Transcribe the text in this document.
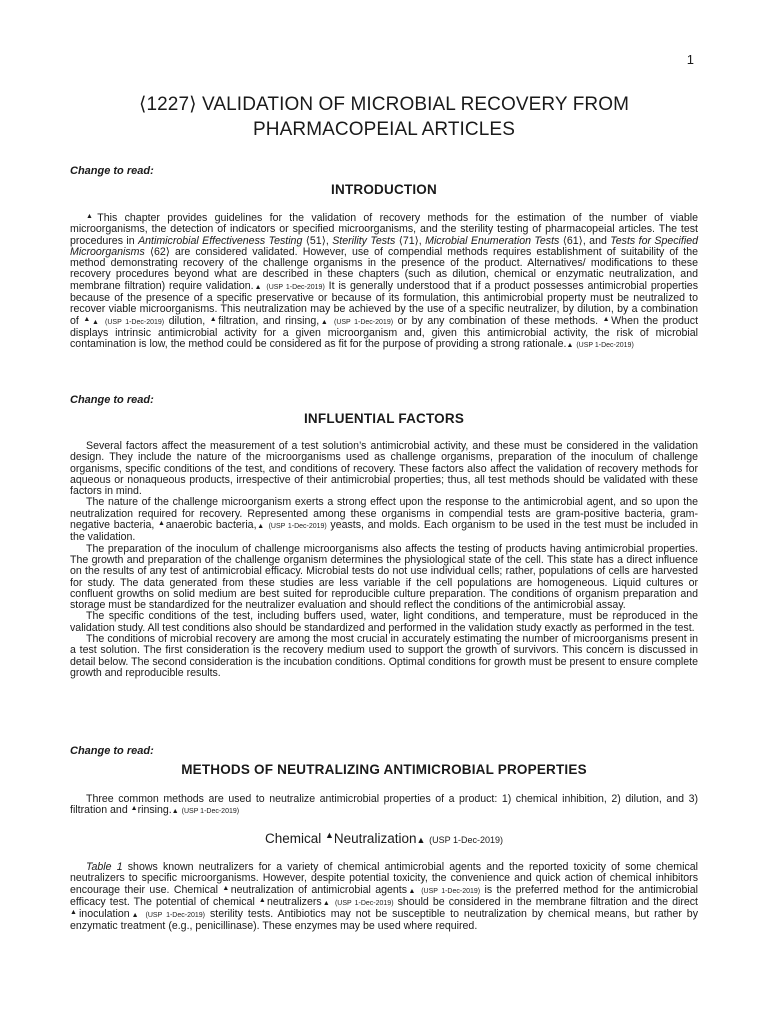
1
⟨1227⟩ VALIDATION OF MICROBIAL RECOVERY FROM PHARMACOPEIAL ARTICLES
Change to read:
INTRODUCTION

▲This chapter provides guidelines for the validation of recovery methods for the estimation of the number of viable microorganisms, the detection of indicators or specified microorganisms, and the sterility testing of pharmacopeial articles. The test procedures in Antimicrobial Effectiveness Testing ⟨51⟩, Sterility Tests ⟨71⟩, Microbial Enumeration Tests ⟨61⟩, and Tests for Specified Microorganisms ⟨62⟩ are considered validated. However, use of compendial methods requires establishment of suitability of the method demonstrating recovery of the challenge organisms in the presence of the product. Alternatives/ modifications to these recovery procedures beyond what are described in these chapters (such as dilution, chemical or enzymatic neutralization, and membrane filtration) require validation.▲ (USP 1-Dec-2019) It is generally understood that if a product possesses antimicrobial properties because of the presence of a specific preservative or because of its formulation, this antimicrobial property must be neutralized to recover viable microorganisms. This neutralization may be achieved by the use of a specific neutralizer, by dilution, by a combination of ▲▲ (USP 1-Dec-2019) dilution, ▲filtration, and rinsing,▲ (USP 1-Dec-2019) or by any combination of these methods. ▲When the product displays intrinsic antimicrobial activity for a given microorganism and, given this antimicrobial activity, the risk of microbial contamination is low, the method could be considered as fit for the purpose of providing a strong rationale.▲ (USP 1-Dec-2019)

Change to read:
INFLUENTIAL FACTORS

Several factors affect the measurement of a test solution’s antimicrobial activity, and these must be considered in the validation design. They include the nature of the microorganisms used as challenge organisms, preparation of the inoculum of challenge organisms, specific conditions of the test, and conditions of recovery. These factors also affect the validation of recovery methods for aqueous or nonaqueous products, irrespective of their antimicrobial properties; thus, all test methods should be validated with these factors in mind.

The nature of the challenge microorganism exerts a strong effect upon the response to the antimicrobial agent, and so upon the neutralization required for recovery. Represented among these organisms in compendial tests are gram-positive bacteria, gram-negative bacteria, ▲anaerobic bacteria,▲ (USP 1-Dec-2019) yeasts, and molds. Each organism to be used in the test must be included in the validation.

The preparation of the inoculum of challenge microorganisms also affects the testing of products having antimicrobial properties. The growth and preparation of the challenge organism determines the physiological state of the cell. This state has a direct influence on the results of any test of antimicrobial efficacy. Microbial tests do not use individual cells; rather, populations of cells are harvested for study. The data generated from these studies are less variable if the cell populations are homogeneous. Liquid cultures or confluent growths on solid medium are best suited for reproducible culture preparation. The conditions of organism preparation and storage must be standardized for the neutralizer evaluation and should reflect the conditions of the antimicrobial assay.

The specific conditions of the test, including buffers used, water, light conditions, and temperature, must be reproduced in the validation study. All test conditions also should be standardized and performed in the validation study exactly as performed in the test.

The conditions of microbial recovery are among the most crucial in accurately estimating the number of microorganisms present in a test solution. The first consideration is the recovery medium used to support the growth of survivors. This concern is discussed in detail below. The second consideration is the incubation conditions. Optimal conditions for growth must be present to ensure complete growth and reproducible results.

Change to read:
METHODS OF NEUTRALIZING ANTIMICROBIAL PROPERTIES

Three common methods are used to neutralize antimicrobial properties of a product: 1) chemical inhibition, 2) dilution, and 3) filtration and ▲rinsing.▲ (USP 1-Dec-2019)

Chemical ▲Neutralization▲ (USP 1-Dec-2019)

Table 1 shows known neutralizers for a variety of chemical antimicrobial agents and the reported toxicity of some chemical neutralizers to specific microorganisms. However, despite potential toxicity, the convenience and quick action of chemical inhibitors encourage their use. Chemical ▲neutralization of antimicrobial agents▲ (USP 1-Dec-2019) is the preferred method for the antimicrobial efficacy test. The potential of chemical ▲neutralizers▲ (USP 1-Dec-2019) should be considered in the membrane filtration and the direct ▲inoculation▲ (USP 1-Dec-2019) sterility tests. Antibiotics may not be susceptible to neutralization by chemical means, but rather by enzymatic treatment (e.g., penicillinase). These enzymes may be used where required.
